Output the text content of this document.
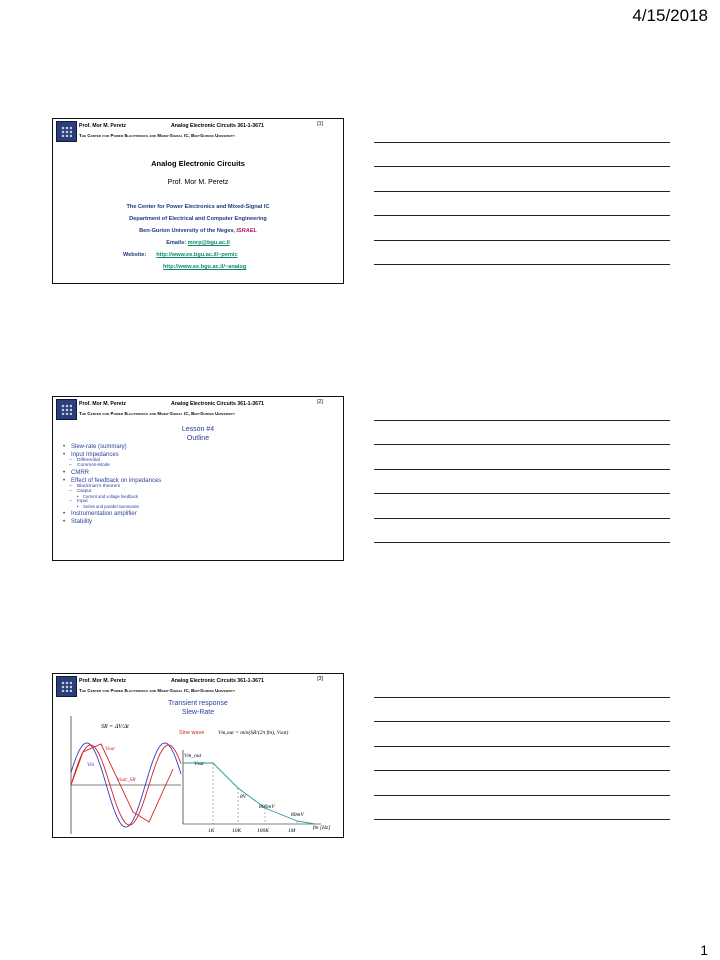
4/15/2018
Prof. Mor M. Peretz	Analog Electronic Circuits 361-1-3671	[1]
The Center for Power Electronics and Mixed-Signal IC, Ben-Gurion University
Analog Electronic Circuits
Prof. Mor M. Peretz
The Center for Power Electronics and Mixed-Signal IC
Department of Electrical and Computer Engineering
Ben-Gurion University of the Negev, ISRAEL
Emails: morp@bgu.ac.il
Website: http://www.ee.bgu.ac.il/~pemic
http://www.ee.bgu.ac.il/~analog
Prof. Mor M. Peretz	Analog Electronic Circuits 361-1-3671	[2]
The Center for Power Electronics and Mixed-Signal IC, Ben-Gurion University
Lesson #4
Outline
• Slew-rate (summary)
• Input Impedances
– Differential
– Common-Mode
• CMRR
• Effect of feedback on impedances
– Blackman's theorem
– Output
• Current and voltage feedback
– Input
• Series and parallel summation
• Instrumentation amplifier
• Stability
Prof. Mor M. Peretz	Analog Electronic Circuits 361-1-3671	[3]
The Center for Power Electronics and Mixed-Signal IC, Ben-Gurion University
Transient response
Slew-Rate
SR = ΔV/Δt
Sine wave Vm,out = min(SR/(2π fm), Vsat)
Vout
Vin
Vout_SR
Vm_out
Vsat
8V
800mV
80mV
1K	10K	100K	1M	fm [Hz]
1
